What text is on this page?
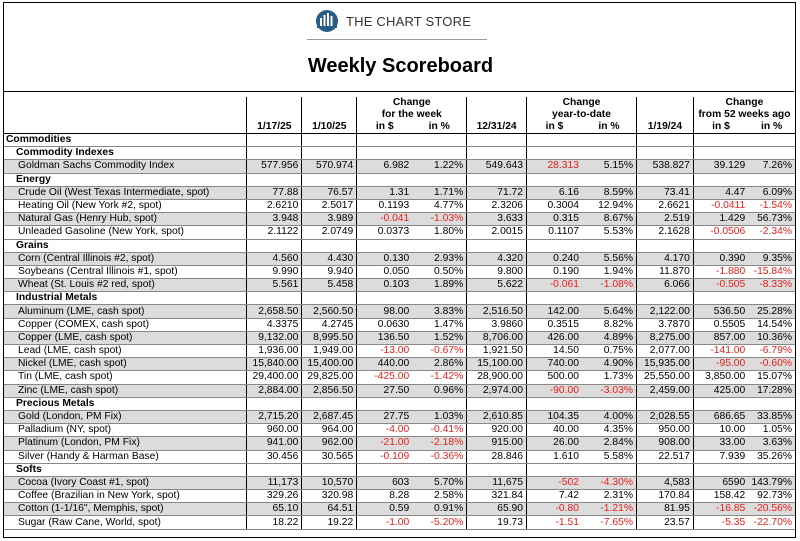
THE CHART STORE
Weekly Scoreboard
			Change			Change			Change	
			for the week			year-to-date			from 52 weeks ago	
	1/17/25	1/10/25	in $	in %	12/31/24	in $	in %	1/19/24	in $	in %
Commodities										
Commodity Indexes										
Goldman Sachs Commodity Index	577.956	570.974	6.982	1.22%	549.643	28.313	5.15%	538.827	39.129	7.26%
Energy										
Crude Oil (West Texas Intermediate, spot)	77.88	76.57	1.31	1.71%	71.72	6.16	8.59%	73.41	4.47	6.09%
Heating Oil (New York #2, spot)	2.6210	2.5017	0.1193	4.77%	2.3206	0.3004	12.94%	2.6621	-0.0411	-1.54%
Natural Gas (Henry Hub, spot)	3.948	3.989	-0.041	-1.03%	3.633	0.315	8.67%	2.519	1.429	56.73%
Unleaded Gasoline (New York, spot)	2.1122	2.0749	0.0373	1.80%	2.0015	0.1107	5.53%	2.1628	-0.0506	-2.34%
Grains										
Corn (Central Illinois #2, spot)	4.560	4.430	0.130	2.93%	4.320	0.240	5.56%	4.170	0.390	9.35%
Soybeans (Central Illinois #1, spot)	9.990	9.940	0.050	0.50%	9.800	0.190	1.94%	11.870	-1.880	-15.84%
Wheat (St. Louis #2 red, spot)	5.561	5.458	0.103	1.89%	5.622	-0.061	-1.08%	6.066	-0.505	-8.33%
Industrial Metals										
Aluminum (LME, cash spot)	2,658.50	2,560.50	98.00	3.83%	2,516.50	142.00	5.64%	2,122.00	536.50	25.28%
Copper (COMEX, cash spot)	4.3375	4.2745	0.0630	1.47%	3.9860	0.3515	8.82%	3.7870	0.5505	14.54%
Copper (LME, cash spot)	9,132.00	8,995.50	136.50	1.52%	8,706.00	426.00	4.89%	8,275.00	857.00	10.36%
Lead (LME, cash spot)	1,936.00	1,949.00	-13.00	-0.67%	1,921.50	14.50	0.75%	2,077.00	-141.00	-6.79%
Nickel (LME, cash spot)	15,840.00	15,400.00	440.00	2.86%	15,100.00	740.00	4.90%	15,935.00	-95.00	-0.60%
Tin (LME, cash spot)	29,400.00	29,825.00	-425.00	-1.42%	28,900.00	500.00	1.73%	25,550.00	3,850.00	15.07%
Zinc (LME, cash spot)	2,884.00	2,856.50	27.50	0.96%	2,974.00	-90.00	-3.03%	2,459.00	425.00	17.28%
Precious Metals										
Gold (London, PM Fix)	2,715.20	2,687.45	27.75	1.03%	2,610.85	104.35	4.00%	2,028.55	686.65	33.85%
Palladium (NY, spot)	960.00	964.00	-4.00	-0.41%	920.00	40.00	4.35%	950.00	10.00	1.05%
Platinum (London, PM Fix)	941.00	962.00	-21.00	-2.18%	915.00	26.00	2.84%	908.00	33.00	3.63%
Silver (Handy & Harman Base)	30.456	30.565	-0.109	-0.36%	28.846	1.610	5.58%	22.517	7.939	35.26%
Softs										
Cocoa (Ivory Coast #1, spot)	11,173	10,570	603	5.70%	11,675	-502	-4.30%	4,583	6590	143.79%
Coffee (Brazilian in New York, spot)	329.26	320.98	8.28	2.58%	321.84	7.42	2.31%	170.84	158.42	92.73%
Cotton (1-1/16", Memphis, spot)	65.10	64.51	0.59	0.91%	65.90	-0.80	-1.21%	81.95	-16.85	-20.56%
Sugar (Raw Cane, World, spot)	18.22	19.22	-1.00	-5.20%	19.73	-1.51	-7.65%	23.57	-5.35	-22.70%
